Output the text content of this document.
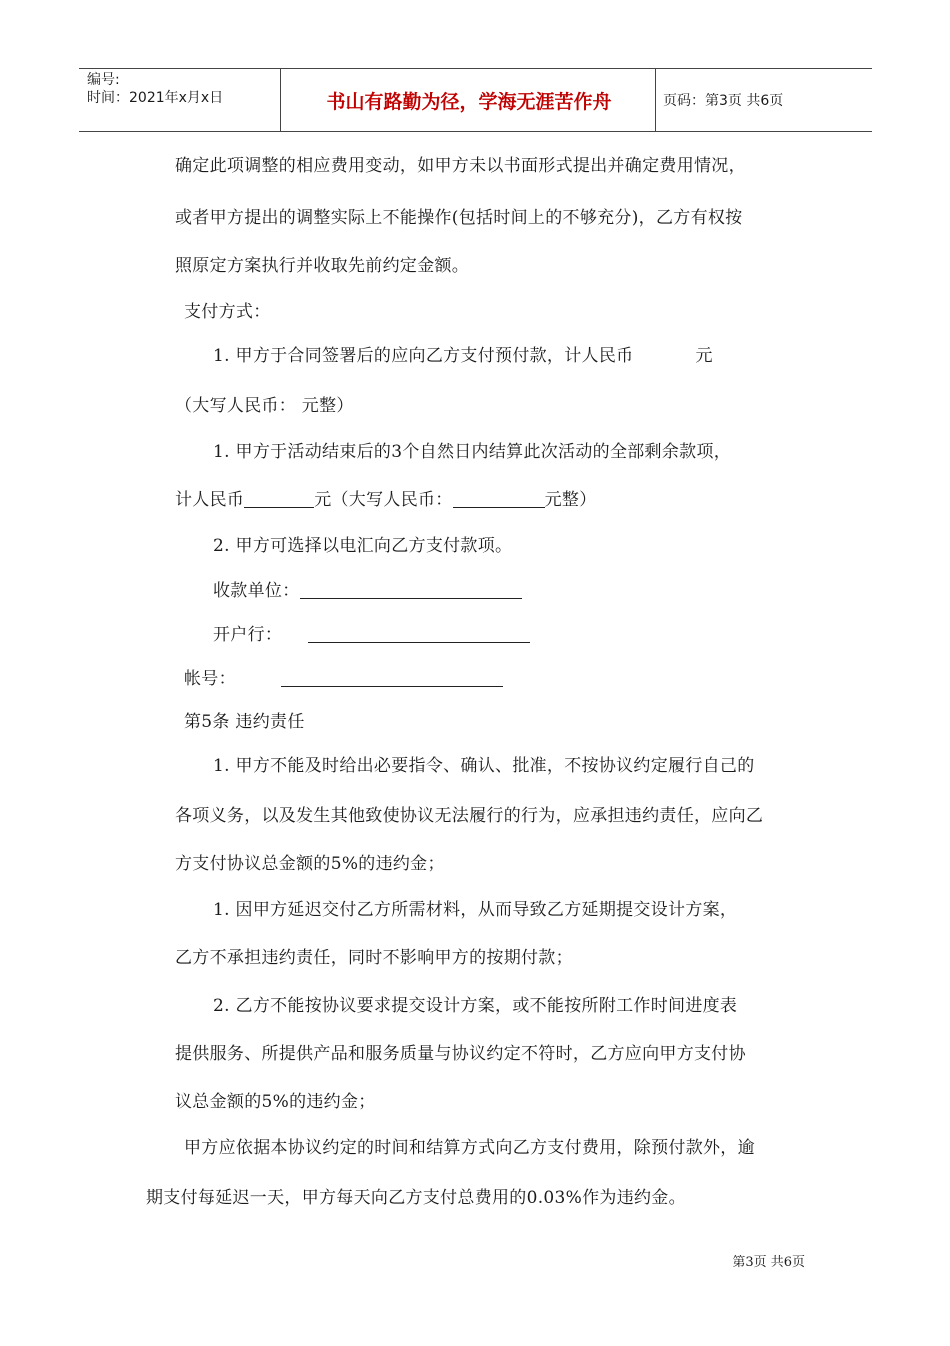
编号:
时间：2021年x月x日	书山有路勤为径，学海无涯苦作舟	页码：第3页 共6页
确定此项调整的相应费用变动，如甲方未以书面形式提出并确定费用情况，
或者甲方提出的调整实际上不能操作(包括时间上的不够充分)，乙方有权按
照原定方案执行并收取先前约定金额。
支付方式：
1. 甲方于合同签署后的应向乙方支付预付款，计人民币	元
（大写人民币： 元整）
1. 甲方于活动结束后的3个自然日内结算此次活动的全部剩余款项，
计人民币	元（大写人民币：	元整）
2. 甲方可选择以电汇向乙方支付款项。
收款单位：
开户行：
帐号：
第5条 违约责任
1. 甲方不能及时给出必要指令、确认、批准，不按协议约定履行自己的
各项义务，以及发生其他致使协议无法履行的行为，应承担违约责任，应向乙
方支付协议总金额的5%的违约金；
1. 因甲方延迟交付乙方所需材料，从而导致乙方延期提交设计方案，
乙方不承担违约责任，同时不影响甲方的按期付款；
2. 乙方不能按协议要求提交设计方案，或不能按所附工作时间进度表
提供服务、所提供产品和服务质量与协议约定不符时，乙方应向甲方支付协
议总金额的5%的违约金；
甲方应依据本协议约定的时间和结算方式向乙方支付费用，除预付款外，逾
期支付每延迟一天，甲方每天向乙方支付总费用的0.03%作为违约金。
第3页 共6页
